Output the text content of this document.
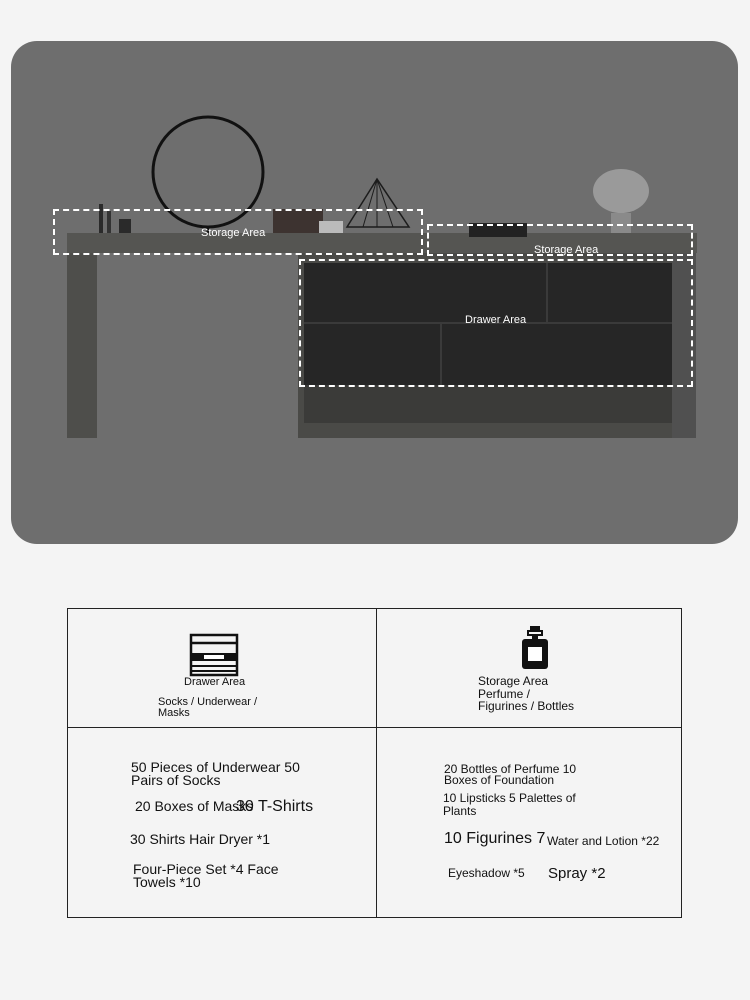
Storage Area
Storage Area
Drawer Area
Drawer Area
Socks / Underwear /
Masks
Storage Area
Perfume /
Figurines / Bottles
50 Pieces of Underwear 50
Pairs of Socks
20 Boxes of Masks
30 T-Shirts
30 Shirts Hair Dryer *1
Four-Piece Set *4 Face
Towels *10
20 Bottles of Perfume 10
Boxes of Foundation
10 Lipsticks 5 Palettes of
Plants
10 Figurines 7 Water and Lotion *22
Eyeshadow *5 Spray *2
